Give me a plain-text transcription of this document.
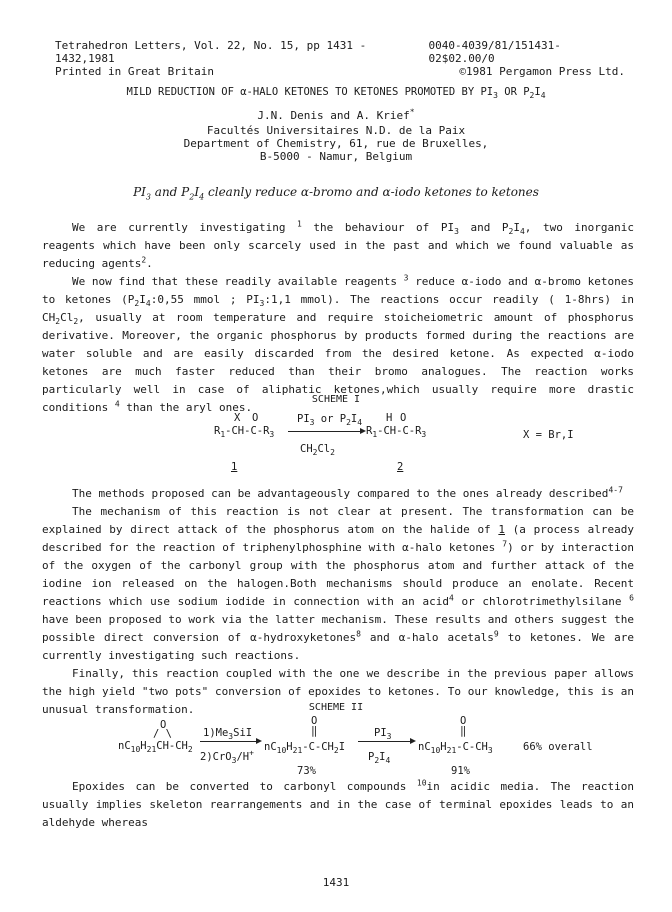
Tetrahedron Letters, Vol. 22, No. 15, pp 1431 - 1432,1981
0040-4039/81/151431-02$02.00/0
Printed in Great Britain	©1981 Pergamon Press Ltd.
MILD REDUCTION OF α-HALO KETONES TO KETONES PROMOTED BY $PI_3$ OR $P_2I_4$
J.N. Denis and A. Krief*
Facultés Universitaires N.D. de la Paix
Department of Chemistry, 61, rue de Bruxelles,
B-5000 - Namur, Belgium
$PI_3$ and $P_2I_4$ cleanly reduce α-bromo and α-iodo ketones to ketones

We are currently investigating $^1$ the behaviour of $PI_3$ and $P_2I_4$, two inorganic reagents which have been only scarcely used in the past and which we found valuable as reducing agents$^2$.

We now find that these readily available reagents $^3$ reduce α-iodo and α-bromo ketones to ketones ($P_2I_4:0,55$ mmol ; $PI_3:1,1$ mmol). The reactions occur readily ( 1-8hrs) in $CH_2Cl_2$, usually at room temperature and require stoicheiometric amount of phosphorus derivative. Moreover, the organic phosphorus by products formed during the reactions are water soluble and are easily discarded from the desired ketone. As expected α-iodo ketones are much faster reduced than their bromo analogues. The reaction works particularly well in case of aliphatic ketones,which usually require more drastic conditions $^4$ than the aryl ones.

SCHEME I
X O
$R_1-CH-C-R_3$
1
$PI_3$ or $P_2I_4$
$CH_2Cl_2$
H O
$R_1-CH-C-R_3$
2
X = Br,I

The methods proposed can be advantageously compared to the ones already described$^{4-7}$

The mechanism of this reaction is not clear at present. The transformation can be explained by direct attack of the phosphorus atom on the halide of 1 (a process already described for the reaction of triphenylphosphine with α-halo ketones $^7$) or by interaction of the oxygen of the carbonyl group with the phosphorus atom and further attack of the iodine ion released on the halogen.Both mechanisms should produce an enolate. Recent reactions which use sodium iodide in connection with an acid$^4$ or chlorotrimethylsilane $^6$ have been proposed to work via the latter mechanism. These results and others suggest the possible direct conversion of α-hydroxyketones$^8$ and α-halo acetals$^9$ to ketones. We are currently investigating such reactions.

Finally, this reaction coupled with the one we describe in the previous paper allows the high yield "two pots" conversion of epoxides to ketones. To our knowledge, this is an unusual transformation.	SCHEME II
O
/ \
$nC_{10}H_{21}CH-CH_2$
$1)Me_3SiI$
2)CrO$_3$/H+
O
‖
$nC_{10}H_{21}-C-CH_2I$
73%
$PI_3$
$P_2I_4$
O
‖
$nC_{10}H_{21}-C-CH_3$
91%
66% overall

Epoxides can be converted to carbonyl compounds $^{10}$in acidic media. The reaction usually implies skeleton rearrangements and in the case of terminal epoxides leads to an aldehyde whereas

1431
